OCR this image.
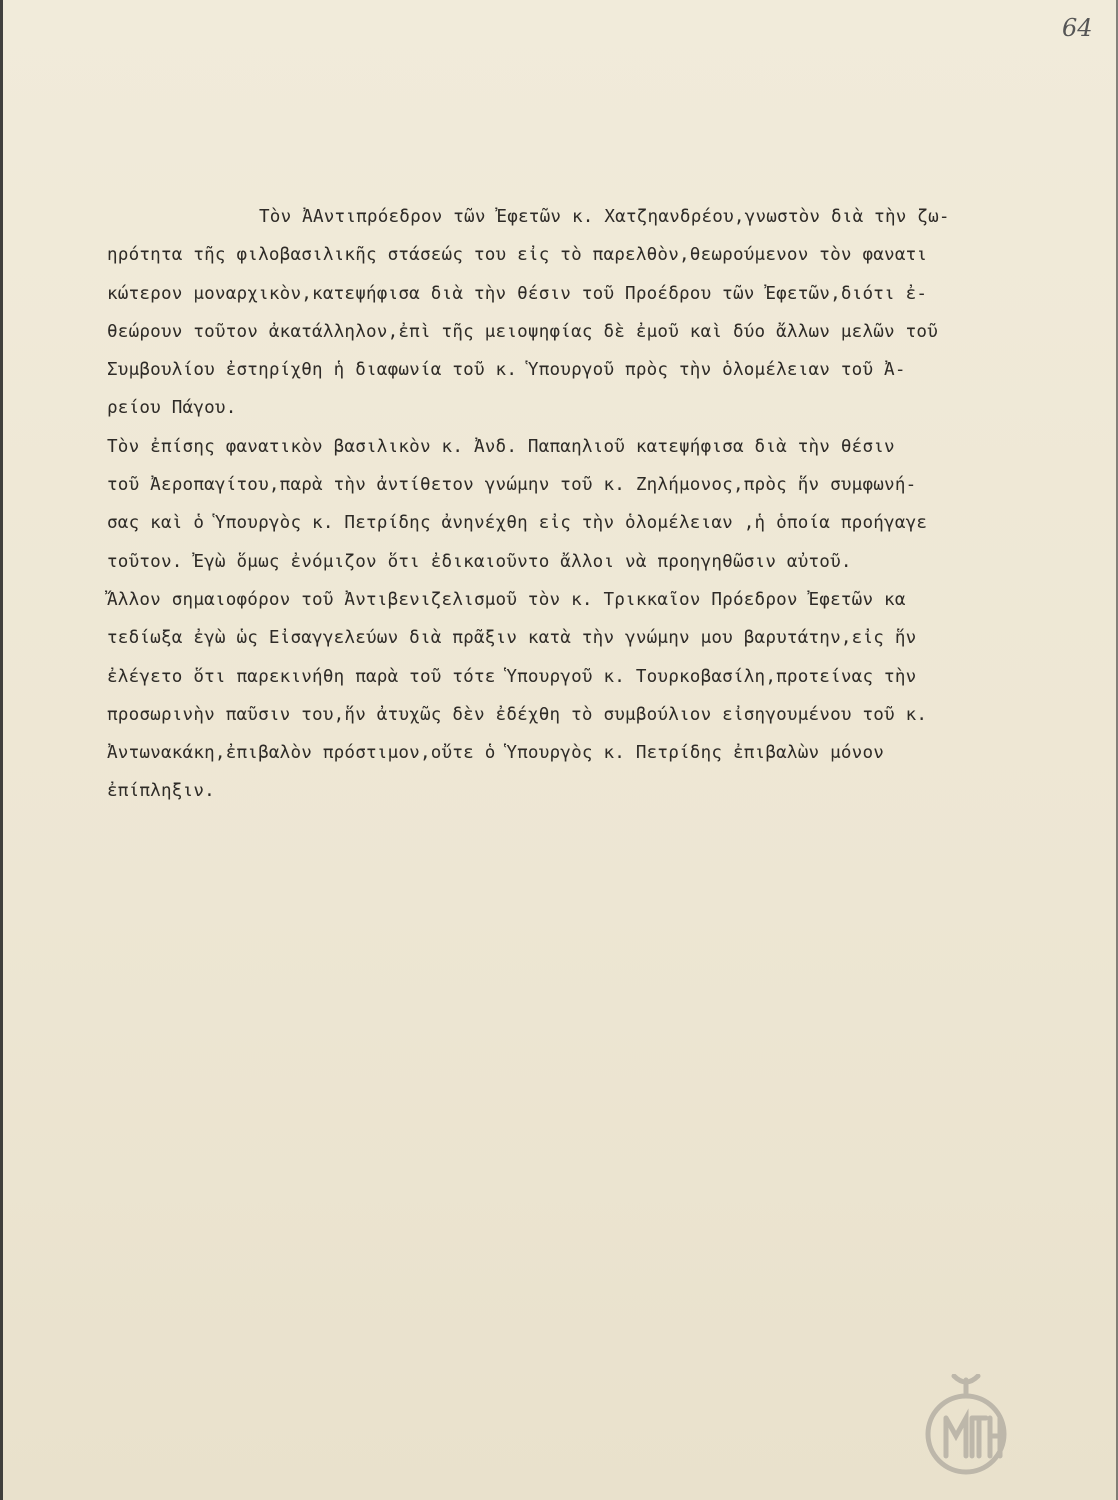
64
Τὸν ἈΑντιπρόεδρον τῶν Ἐφετῶν κ. Χατζηανδρέου,γνωστὸν διὰ τὴν ζω-
ηρότητα τῆς φιλοβασιλικῆς στάσεώς του εἰς τὸ παρελθὸν,θεωρούμενον τὸν φανατι
κώτερον μοναρχικὸν,κατεψήφισα διὰ τὴν θέσιν τοῦ Προέδρου τῶν Ἐφετῶν,διότι ἐ-
θεώρουν τοῦτον ἀκατάλληλον,ἐπὶ τῆς μειοψηφίας δὲ ἐμοῦ καὶ δύο ἄλλων μελῶν τοῦ
Συμβουλίου ἐστηρίχθη ἡ διαφωνία τοῦ κ. Ὑπουργοῦ πρὸς τὴν ὁλομέλειαν τοῦ Ἀ-
ρείου Πάγου.
Τὸν ἐπίσης φανατικὸν βασιλικὸν κ. Ἀνδ. Παπαηλιοῦ κατεψήφισα διὰ τὴν θέσιν
τοῦ Ἀεροπαγίτου,παρὰ τὴν ἀντίθετον γνώμην τοῦ κ. Ζηλήμονος,πρὸς ἥν συμφωνή-
σας καὶ ὁ Ὑπουργὸς κ. Πετρίδης ἀνηνέχθη εἰς τὴν ὁλομέλειαν ,ἡ ὁποία προήγαγε
τοῦτον. Ἐγὼ ὅμως ἐνόμιζον ὅτι ἐδικαιοῦντο ἄλλοι νὰ προηγηθῶσιν αὐτοῦ.
Ἄλλον σημαιοφόρον τοῦ Ἀντιβενιζελισμοῦ τὸν κ. Τρικκαῖον Πρόεδρον Ἐφετῶν κα
τεδίωξα ἐγὼ ὡς Εἰσαγγελεύων διὰ πρᾶξιν κατὰ τὴν γνώμην μου βαρυτάτην,εἰς ἥν
ἐλέγετο ὅτι παρεκινήθη παρὰ τοῦ τότε Ὑπουργοῦ κ. Τουρκοβασίλη,προτείνας τὴν
προσωρινὴν παῦσιν του,ἥν ἀτυχῶς δὲν ἐδέχθη τὸ συμβούλιον εἰσηγουμένου τοῦ κ.
Ἀντωνακάκη,ἐπιβαλὸν πρόστιμον,οὔτε ὁ Ὑπουργὸς κ. Πετρίδης ἐπιβαλὼν μόνον
ἐπίπληξιν.
